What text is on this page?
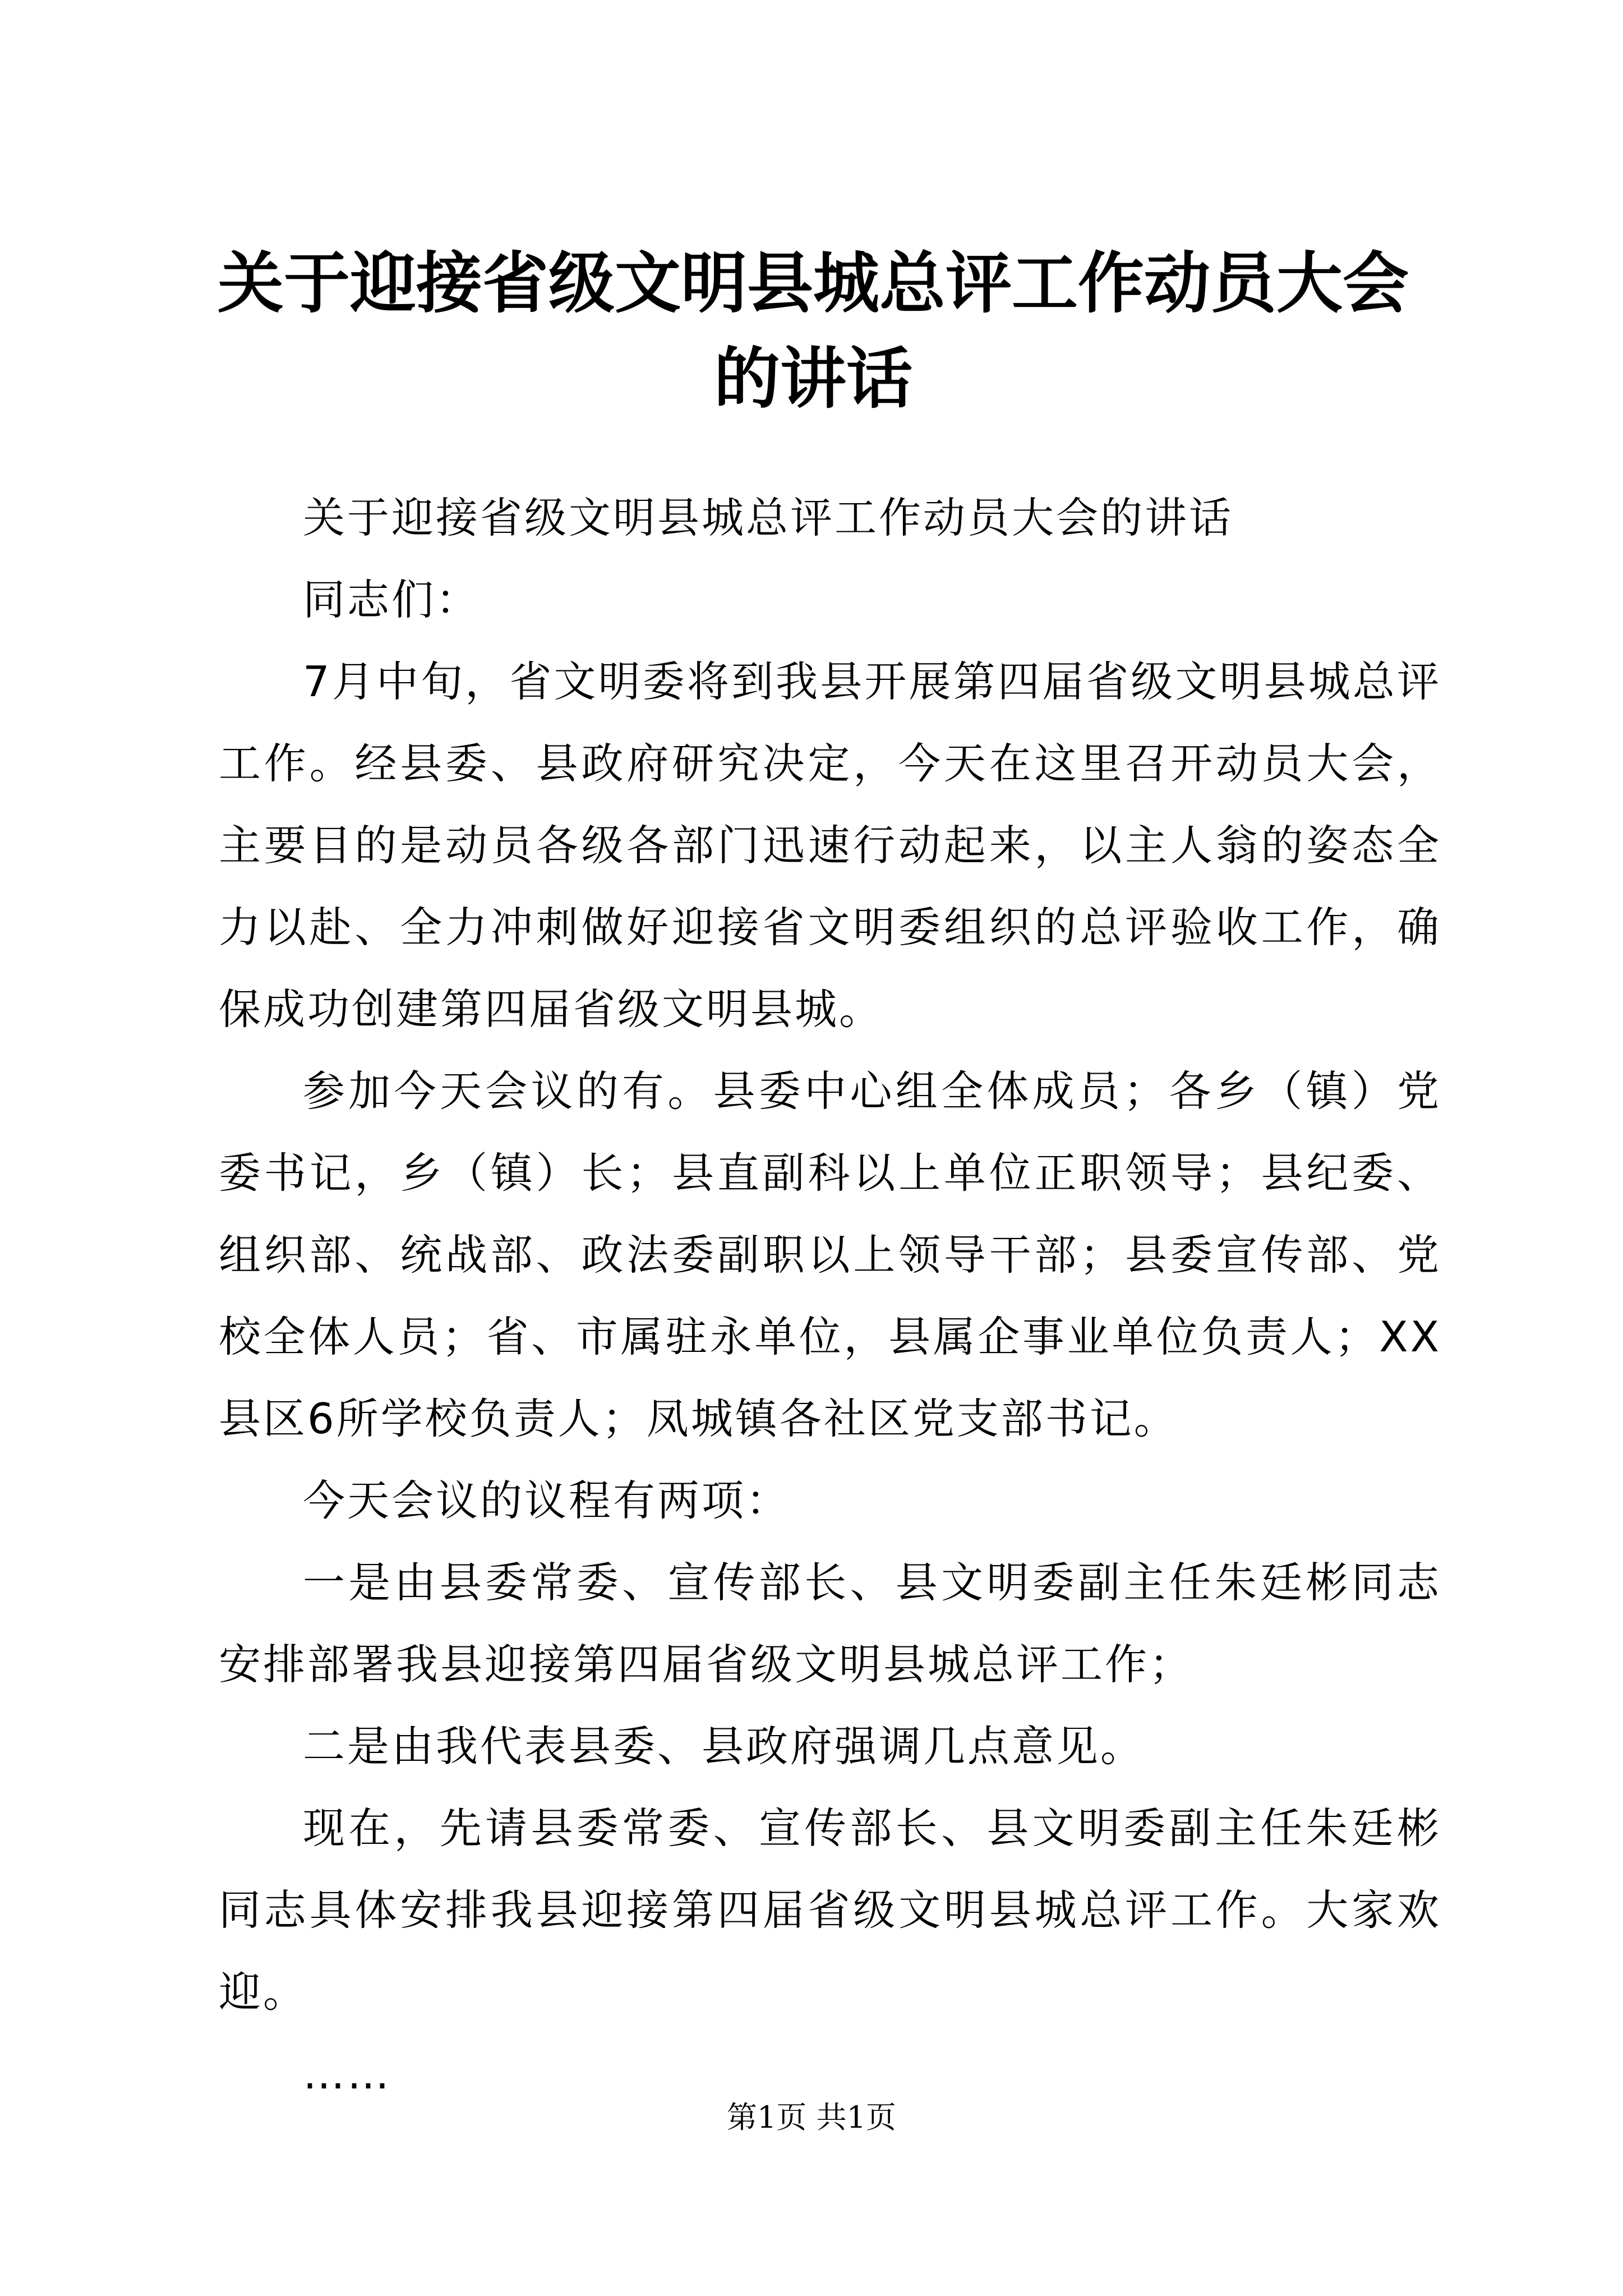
关于迎接省级文明县城总评工作动员大会的讲话

关于迎接省级文明县城总评工作动员大会的讲话

同志们：

7月中旬，省文明委将到我县开展第四届省级文明县城总评工作。经县委、县政府研究决定，今天在这里召开动员大会，主要目的是动员各级各部门迅速行动起来，以主人翁的姿态全力以赴、全力冲刺做好迎接省文明委组织的总评验收工作，确保成功创建第四届省级文明县城。

参加今天会议的有。县委中心组全体成员；各乡（镇）党委书记，乡（镇）长；县直副科以上单位正职领导；县纪委、组织部、统战部、政法委副职以上领导干部；县委宣传部、党校全体人员；省、市属驻永单位，县属企事业单位负责人；XX县区6所学校负责人；凤城镇各社区党支部书记。

今天会议的议程有两项：

一是由县委常委、宣传部长、县文明委副主任朱廷彬同志安排部署我县迎接第四届省级文明县城总评工作；

二是由我代表县委、县政府强调几点意见。

现在，先请县委常委、宣传部长、县文明委副主任朱廷彬同志具体安排我县迎接第四届省级文明县城总评工作。大家欢迎。

……

第1页 共1页
